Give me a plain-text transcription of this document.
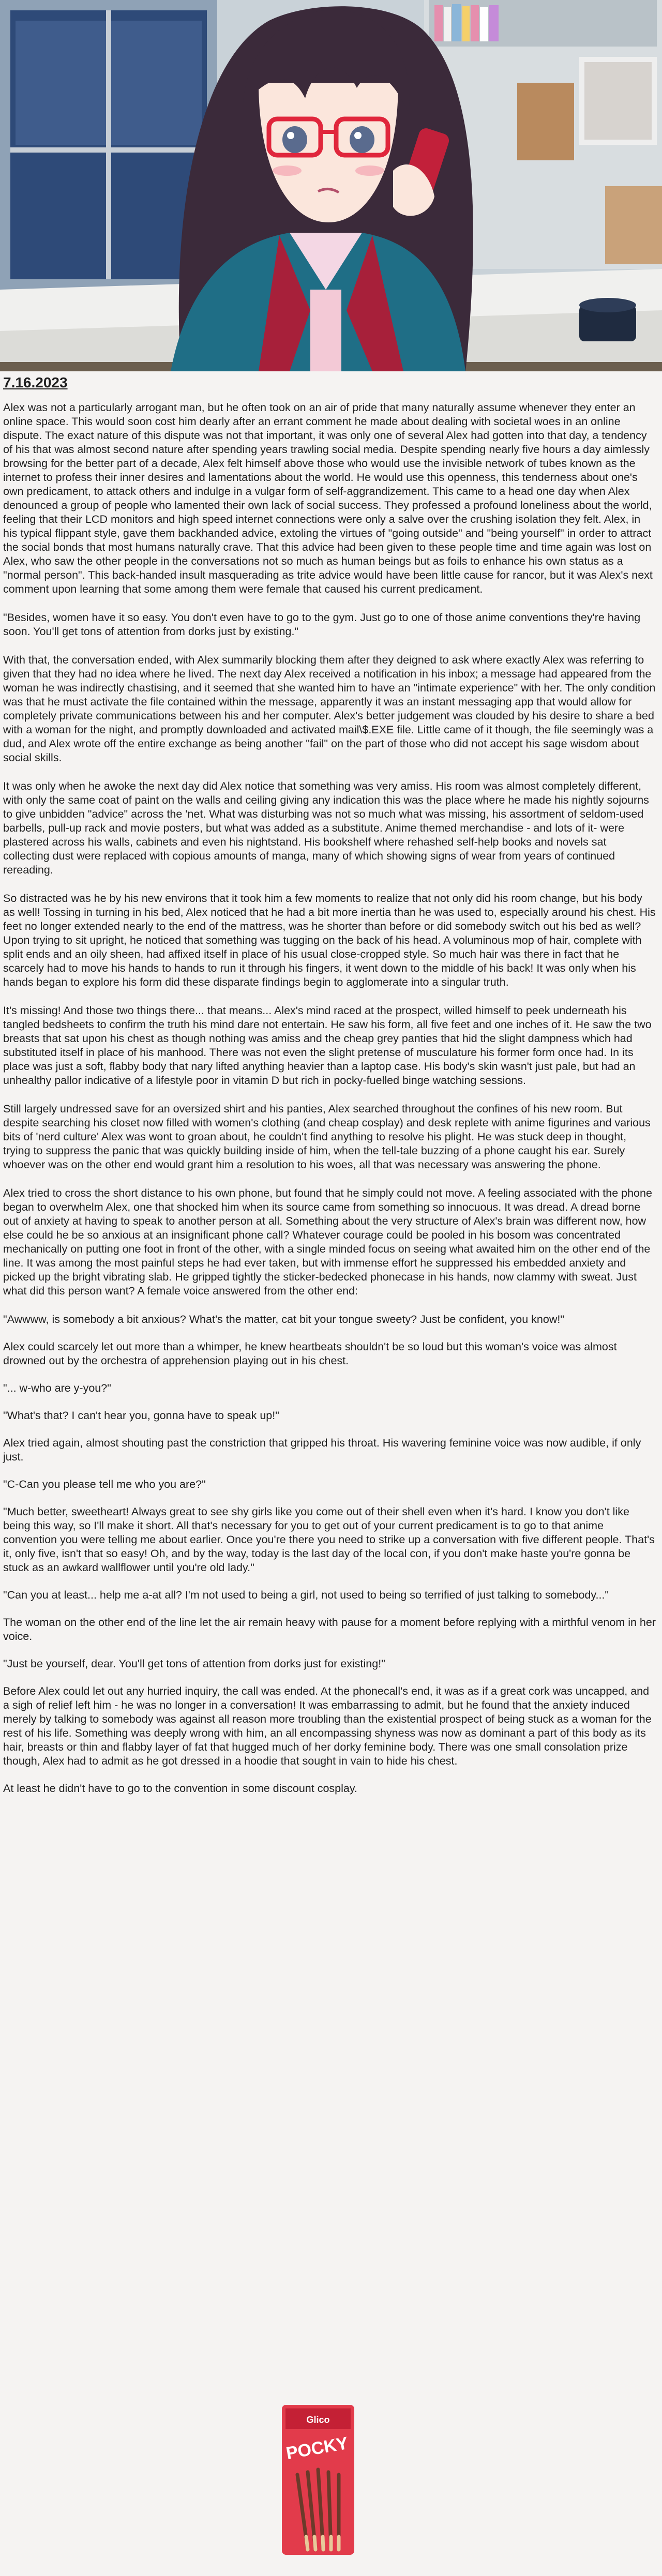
7.16.2023

Alex was not a particularly arrogant man, but he often took on an air of pride that many naturally assume whenever they enter an online space. This would soon cost him dearly after an errant comment he made about dealing with societal woes in an online dispute. The exact nature of this dispute was not that important, it was only one of several Alex had gotten into that day, a tendency of his that was almost second nature after spending years trawling social media. Despite spending nearly five hours a day aimlessly browsing for the better part of a decade, Alex felt himself above those who would use the invisible network of tubes known as the internet to profess their inner desires and lamentations about the world. He would use this openness, this tenderness about one's own predicament, to attack others and indulge in a vulgar form of self-aggrandizement. This came to a head one day when Alex denounced a group of people who lamented their own lack of social success. They professed a profound loneliness about the world, feeling that their LCD monitors and high speed internet connections were only a salve over the crushing isolation they felt. Alex, in his typical flippant style, gave them backhanded advice, extoling the virtues of "going outside" and "being yourself" in order to attract the social bonds that most humans naturally crave. That this advice had been given to these people time and time again was lost on Alex, who saw the other people in the conversations not so much as human beings but as foils to enhance his own status as a "normal person". This back-handed insult masquerading as trite advice would have been little cause for rancor, but it was Alex's next comment upon learning that some among them were female that caused his current predicament.

"Besides, women have it so easy. You don't even have to go to the gym. Just go to one of those anime conventions they're having soon. You'll get tons of attention from dorks just by existing."

With that, the conversation ended, with Alex summarily blocking them after they deigned to ask where exactly Alex was referring to given that they had no idea where he lived. The next day Alex received a notification in his inbox; a message had appeared from the woman he was indirectly chastising, and it seemed that she wanted him to have an "intimate experience" with her. The only condition was that he must activate the file contained within the message, apparently it was an instant messaging app that would allow for completely private communications between his and her computer. Alex's better judgement was clouded by his desire to share a bed with a woman for the night, and promptly downloaded and activated mail\$.EXE file. Little came of it though, the file seemingly was a dud, and Alex wrote off the entire exchange as being another "fail" on the part of those who did not accept his sage wisdom about social skills.

It was only when he awoke the next day did Alex notice that something was very amiss. His room was almost completely different, with only the same coat of paint on the walls and ceiling giving any indication this was the place where he made his nightly sojourns to give unbidden "advice" across the 'net. What was disturbing was not so much what was missing, his assortment of seldom-used barbells, pull-up rack and movie posters, but what was added as a substitute. Anime themed merchandise - and lots of it- were plastered across his walls, cabinets and even his nightstand. His bookshelf where rehashed self-help books and novels sat collecting dust were replaced with copious amounts of manga, many of which showing signs of wear from years of continued rereading.

So distracted was he by his new environs that it took him a few moments to realize that not only did his room change, but his body as well! Tossing in turning in his bed, Alex noticed that he had a bit more inertia than he was used to, especially around his chest. His feet no longer extended nearly to the end of the mattress, was he shorter than before or did somebody switch out his bed as well? Upon trying to sit upright, he noticed that something was tugging on the back of his head. A voluminous mop of hair, complete with split ends and an oily sheen, had affixed itself in place of his usual close-cropped style. So much hair was there in fact that he scarcely had to move his hands to hands to run it through his fingers, it went down to the middle of his back! It was only when his hands began to explore his form did these disparate findings begin to agglomerate into a singular truth.

It's missing! And those two things there... that means... Alex's mind raced at the prospect, willed himself to peek underneath his tangled bedsheets to confirm the truth his mind dare not entertain. He saw his form, all five feet and one inches of it. He saw the two breasts that sat upon his chest as though nothing was amiss and the cheap grey panties that hid the slight dampness which had substituted itself in place of his manhood. There was not even the slight pretense of musculature his former form once had. In its place was just a soft, flabby body that nary lifted anything heavier than a laptop case. His body's skin wasn't just pale, but had an unhealthy pallor indicative of a lifestyle poor in vitamin D but rich in pocky-fuelled binge watching sessions.

Still largely undressed save for an oversized shirt and his panties, Alex searched throughout the confines of his new room. But despite searching his closet now filled with women's clothing (and cheap cosplay) and desk replete with anime figurines and various bits of 'nerd culture' Alex was wont to groan about, he couldn't find anything to resolve his plight. He was stuck deep in thought, trying to suppress the panic that was quickly building inside of him, when the tell-tale buzzing of a phone caught his ear. Surely whoever was on the other end would grant him a resolution to his woes, all that was necessary was answering the phone.

Alex tried to cross the short distance to his own phone, but found that he simply could not move. A feeling associated with the phone began to overwhelm Alex, one that shocked him when its source came from something so innocuous. It was dread. A dread borne out of anxiety at having to speak to another person at all. Something about the very structure of Alex's brain was different now, how else could he be so anxious at an insignificant phone call? Whatever courage could be pooled in his bosom was concentrated mechanically on putting one foot in front of the other, with a single minded focus on seeing what awaited him on the other end of the line. It was among the most painful steps he had ever taken, but with immense effort he suppressed his embedded anxiety and picked up the bright vibrating slab. He gripped tightly the sticker-bedecked phonecase in his hands, now clammy with sweat. Just what did this person want? A female voice answered from the other end:

"Awwww, is somebody a bit anxious? What's the matter, cat bit your tongue sweety? Just be confident, you know!"

Alex could scarcely let out more than a whimper, he knew heartbeats shouldn't be so loud but this woman's voice was almost drowned out by the orchestra of apprehension playing out in his chest.

"... w-who are y-you?"

"What's that? I can't hear you, gonna have to speak up!"

Alex tried again, almost shouting past the constriction that gripped his throat. His wavering feminine voice was now audible, if only just.

"C-Can you please tell me who you are?"

"Much better, sweetheart! Always great to see shy girls like you come out of their shell even when it's hard. I know you don't like being this way, so I'll make it short. All that's necessary for you to get out of your current predicament is to go to that anime convention you were telling me about earlier. Once you're there you need to strike up a conversation with five different people. That's it, only five, isn't that so easy! Oh, and by the way, today is the last day of the local con, if you don't make haste you're gonna be stuck as an awkard wallflower until you're old lady."

"Can you at least... help me a-at all? I'm not used to being a girl, not used to being so terrified of just talking to somebody..."

The woman on the other end of the line let the air remain heavy with pause for a moment before replying with a mirthful venom in her voice.

"Just be yourself, dear. You'll get tons of attention from dorks just for existing!"

Before Alex could let out any hurried inquiry, the call was ended. At the phonecall's end, it was as if a great cork was uncapped, and a sigh of relief left him - he was no longer in a conversation! It was embarrassing to admit, but he found that the anxiety induced merely by talking to somebody was against all reason more troubling than the existential prospect of being stuck as a woman for the rest of his life. Something was deeply wrong with him, an all encompassing shyness was now as dominant a part of this body as its hair, breasts or thin and flabby layer of fat that hugged much of her dorky feminine body. There was one small consolation prize though, Alex had to admit as he got dressed in a hoodie that sought in vain to hide his chest.

At least he didn't have to go to the convention in some discount cosplay.

Glico
POCKY
